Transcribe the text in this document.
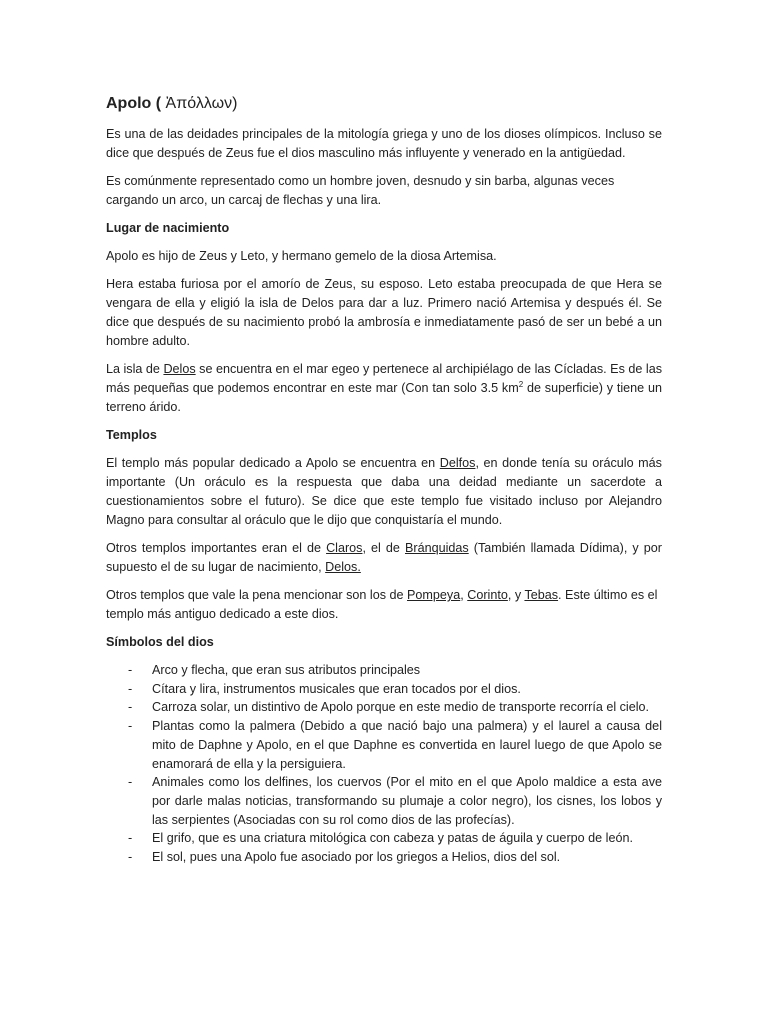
Apolo ( Ἀπόλλων)

Es una de las deidades principales de la mitología griega y uno de los dioses olímpicos. Incluso se dice que después de Zeus fue el dios masculino más influyente y venerado en la antigüedad.

Es comúnmente representado como un hombre joven, desnudo y sin barba, algunas veces cargando un arco, un carcaj de flechas y una lira.

Lugar de nacimiento

Apolo es hijo de Zeus y Leto, y hermano gemelo de la diosa Artemisa.

Hera estaba furiosa por el amorío de Zeus, su esposo. Leto estaba preocupada de que Hera se vengara de ella y eligió la isla de Delos para dar a luz. Primero nació Artemisa y después él. Se dice que después de su nacimiento probó la ambrosía e inmediatamente pasó de ser un bebé a un hombre adulto.

La isla de Delos se encuentra en el mar egeo y pertenece al archipiélago de las Cícladas. Es de las más pequeñas que podemos encontrar en este mar (Con tan solo 3.5 $km^2$ de superficie) y tiene un terreno árido.

Templos

El templo más popular dedicado a Apolo se encuentra en Delfos, en donde tenía su oráculo más importante (Un oráculo es la respuesta que daba una deidad mediante un sacerdote a cuestionamientos sobre el futuro). Se dice que este templo fue visitado incluso por Alejandro Magno para consultar al oráculo que le dijo que conquistaría el mundo.

Otros templos importantes eran el de Claros, el de Bránquidas (También llamada Dídima), y por supuesto el de su lugar de nacimiento, Delos.

Otros templos que vale la pena mencionar son los de Pompeya, Corinto, y Tebas. Este último es el templo más antiguo dedicado a este dios.

Símbolos del dios
- Arco y flecha, que eran sus atributos principales
- Cítara y lira, instrumentos musicales que eran tocados por el dios.
- Carroza solar, un distintivo de Apolo porque en este medio de transporte recorría el cielo.
- Plantas como la palmera (Debido a que nació bajo una palmera) y el laurel a causa del mito de Daphne y Apolo, en el que Daphne es convertida en laurel luego de que Apolo se enamorará de ella y la persiguiera.
- Animales como los delfines, los cuervos (Por el mito en el que Apolo maldice a esta ave por darle malas noticias, transformando su plumaje a color negro), los cisnes, los lobos y las serpientes (Asociadas con su rol como dios de las profecías).
- El grifo, que es una criatura mitológica con cabeza y patas de águila y cuerpo de león.
- El sol, pues una Apolo fue asociado por los griegos a Helios, dios del sol.
